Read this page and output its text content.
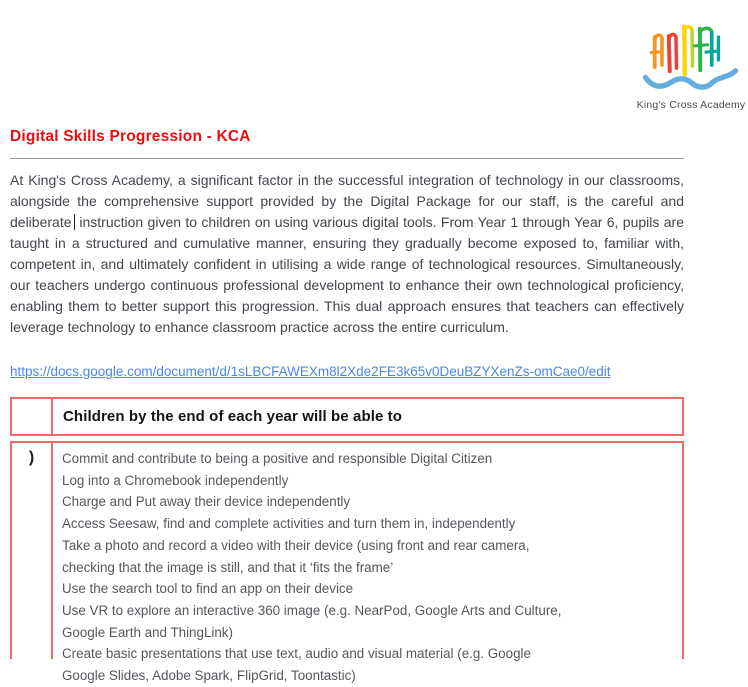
King's Cross Academy
Digital Skills Progression - KCA

At King's Cross Academy, a significant factor in the successful integration of technology in our classrooms, alongside the comprehensive support provided by the Digital Package for our staff, is the careful and deliberate instruction given to children on using various digital tools. From Year 1 through Year 6, pupils are taught in a structured and cumulative manner, ensuring they gradually become exposed to, familiar with, competent in, and ultimately confident in utilising a wide range of technological resources. Simultaneously, our teachers undergo continuous professional development to enhance their own technological proficiency, enabling them to better support this progression. This dual approach ensures that teachers can effectively leverage technology to enhance classroom practice across the entire curriculum.

https://docs.google.com/document/d/1sLBCFAWEXm8l2Xde2FE3k65v0DeuBZYXenZs-omCae0/edit
Children by the end of each year will be able to
)	Commit and contribute to being a positive and responsible Digital Citizen
Log into a Chromebook independently
Charge and Put away their device independently
Access Seesaw, find and complete activities and turn them in, independently
Take a photo and record a video with their device (using front and rear camera,
checking that the image is still, and that it ‘fits the frame’
Use the search tool to find an app on their device
Use VR to explore an interactive 360 image (e.g. NearPod, Google Arts and Culture,
Google Earth and ThingLink)
Create basic presentations that use text, audio and visual material (e.g. Google
Google Slides, Adobe Spark, FlipGrid, Toontastic)
